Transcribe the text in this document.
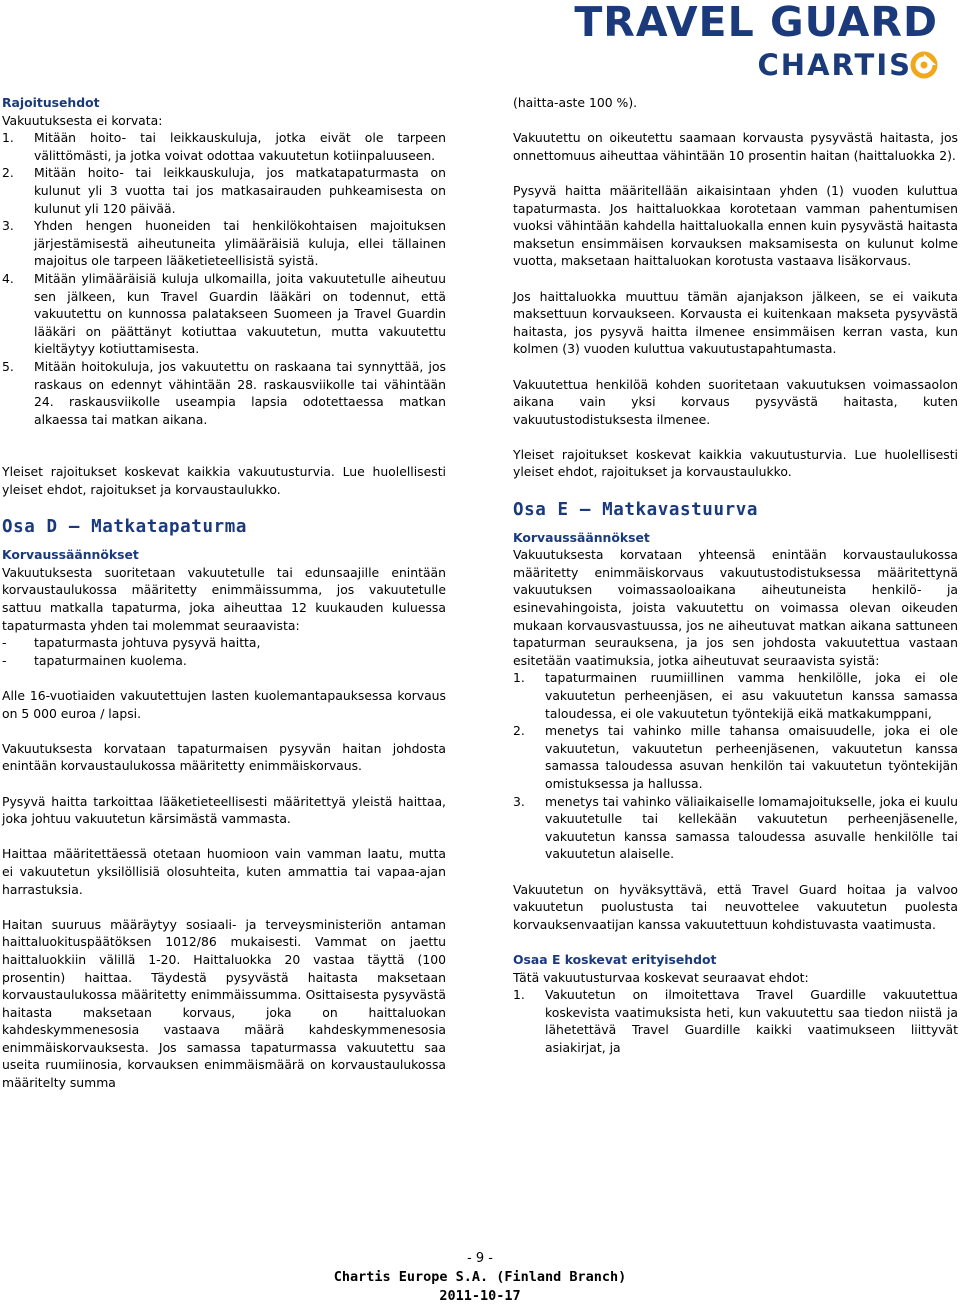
TRAVEL GUARD
CHARTIS

Rajoitusehdot

Vakuutuksesta ei korvata:

1. Mitään hoito- tai leikkauskuluja, jotka eivät ole tarpeen välittömästi, ja jotka voivat odottaa vakuutetun kotiinpaluuseen.

2. Mitään hoito- tai leikkauskuluja, jos matkatapaturmasta on kulunut yli 3 vuotta tai jos matkasairauden puhkeamisesta on kulunut yli 120 päivää.

3. Yhden hengen huoneiden tai henkilökohtaisen majoituksen järjestämisestä aiheutuneita ylimääräisiä kuluja, ellei tällainen majoitus ole tarpeen lääketieteellisistä syistä.

4. Mitään ylimääräisiä kuluja ulkomailla, joita vakuutetulle aiheutuu sen jälkeen, kun Travel Guardin lääkäri on todennut, että vakuutettu on kunnossa palatakseen Suomeen ja Travel Guardin lääkäri on päättänyt kotiuttaa vakuutetun, mutta vakuutettu kieltäytyy kotiuttamisesta.

5. Mitään hoitokuluja, jos vakuutettu on raskaana tai synnyttää, jos raskaus on edennyt vähintään 28. raskausviikolle tai vähintään 24. raskausviikolle useampia lapsia odotettaessa matkan alkaessa tai matkan aikana.

Yleiset rajoitukset koskevat kaikkia vakuutusturvia. Lue huolellisesti yleiset ehdot, rajoitukset ja korvaustaulukko.

Osa D – Matkatapaturma

Korvaussäännökset

Vakuutuksesta suoritetaan vakuutetulle tai edunsaajille enintään korvaustaulukossa määritetty enimmäissumma, jos vakuutetulle sattuu matkalla tapaturma, joka aiheuttaa 12 kuukauden kuluessa tapaturmasta yhden tai molemmat seuraavista:

- tapaturmasta johtuva pysyvä haitta,

- tapaturmainen kuolema.

Alle 16-vuotiaiden vakuutettujen lasten kuolemantapauksessa korvaus on 5 000 euroa / lapsi.

Vakuutuksesta korvataan tapaturmaisen pysyvän haitan johdosta enintään korvaustaulukossa määritetty enimmäiskorvaus.

Pysyvä haitta tarkoittaa lääketieteellisesti määritettyä yleistä haittaa, joka johtuu vakuutetun kärsimästä vammasta.

Haittaa määritettäessä otetaan huomioon vain vamman laatu, mutta ei vakuutetun yksilöllisiä olosuhteita, kuten ammattia tai vapaa-ajan harrastuksia.

Haitan suuruus määräytyy sosiaali- ja terveysministeriön antaman haittaluokituspäätöksen 1012/86 mukaisesti. Vammat on jaettu haittaluokkiin välillä 1-20. Haittaluokka 20 vastaa täyttä (100 prosentin) haittaa. Täydestä pysyvästä haitasta maksetaan korvaustaulukossa määritetty enimmäissumma. Osittaisesta pysyvästä haitasta maksetaan korvaus, joka on haittaluokan kahdeskymmenesosia vastaava määrä kahdeskymmenesosia enimmäiskorvauksesta. Jos samassa tapaturmassa vakuutettu saa useita ruumiinosia, korvauksen enimmäismäärä on korvaustaulukossa määritelty summa

(haitta-aste 100 %).

Vakuutettu on oikeutettu saamaan korvausta pysyvästä haitasta, jos onnettomuus aiheuttaa vähintään 10 prosentin haitan (haittaluokka 2).

Pysyvä haitta määritellään aikaisintaan yhden (1) vuoden kuluttua tapaturmasta. Jos haittaluokkaa korotetaan vamman pahentumisen vuoksi vähintään kahdella haittaluokalla ennen kuin pysyvästä haitasta maksetun ensimmäisen korvauksen maksamisesta on kulunut kolme vuotta, maksetaan haittaluokan korotusta vastaava lisäkorvaus.

Jos haittaluokka muuttuu tämän ajanjakson jälkeen, se ei vaikuta maksettuun korvaukseen. Korvausta ei kuitenkaan makseta pysyvästä haitasta, jos pysyvä haitta ilmenee ensimmäisen kerran vasta, kun kolmen (3) vuoden kuluttua vakuutustapahtumasta.

Vakuutettua henkilöä kohden suoritetaan vakuutuksen voimassaolon aikana vain yksi korvaus pysyvästä haitasta, kuten vakuutustodistuksesta ilmenee.

Yleiset rajoitukset koskevat kaikkia vakuutusturvia. Lue huolellisesti yleiset ehdot, rajoitukset ja korvaustaulukko.

Osa E – Matkavastuurva

Korvaussäännökset

Vakuutuksesta korvataan yhteensä enintään korvaustaulukossa määritetty enimmäiskorvaus vakuutustodistuksessa määritettynä vakuutuksen voimassaoloaikana aiheutuneista henkilö- ja esinevahingoista, joista vakuutettu on voimassa olevan oikeuden mukaan korvausvastuussa, jos ne aiheutuvat matkan aikana sattuneen tapaturman seurauksena, ja jos sen johdosta vakuutettua vastaan esitetään vaatimuksia, jotka aiheutuvat seuraavista syistä:

1. tapaturmainen ruumiillinen vamma henkilölle, joka ei ole vakuutetun perheenjäsen, ei asu vakuutetun kanssa samassa taloudessa, ei ole vakuutetun työntekijä eikä matkakumppani,

2. menetys tai vahinko mille tahansa omaisuudelle, joka ei ole vakuutetun, vakuutetun perheenjäsenen, vakuutetun kanssa samassa taloudessa asuvan henkilön tai vakuutetun työntekijän omistuksessa ja hallussa.

3. menetys tai vahinko väliaikaiselle lomamajoitukselle, joka ei kuulu vakuutetulle tai kellekään vakuutetun perheenjäsenelle, vakuutetun kanssa samassa taloudessa asuvalle henkilölle tai vakuutetun alaiselle.

Vakuutetun on hyväksyttävä, että Travel Guard hoitaa ja valvoo vakuutetun puolustusta tai neuvottelee vakuutetun puolesta korvauksenvaatijan kanssa vakuutettuun kohdistuvasta vaatimusta.

Osaa E koskevat erityisehdot

Tätä vakuutusturvaa koskevat seuraavat ehdot:

1. Vakuutetun on ilmoitettava Travel Guardille vakuutettua koskevista vaatimuksista heti, kun vakuutettu saa tiedon niistä ja lähetettävä Travel Guardille kaikki vaatimukseen liittyvät asiakirjat, ja

- 9 -
Chartis Europe S.A. (Finland Branch)
2011-10-17
